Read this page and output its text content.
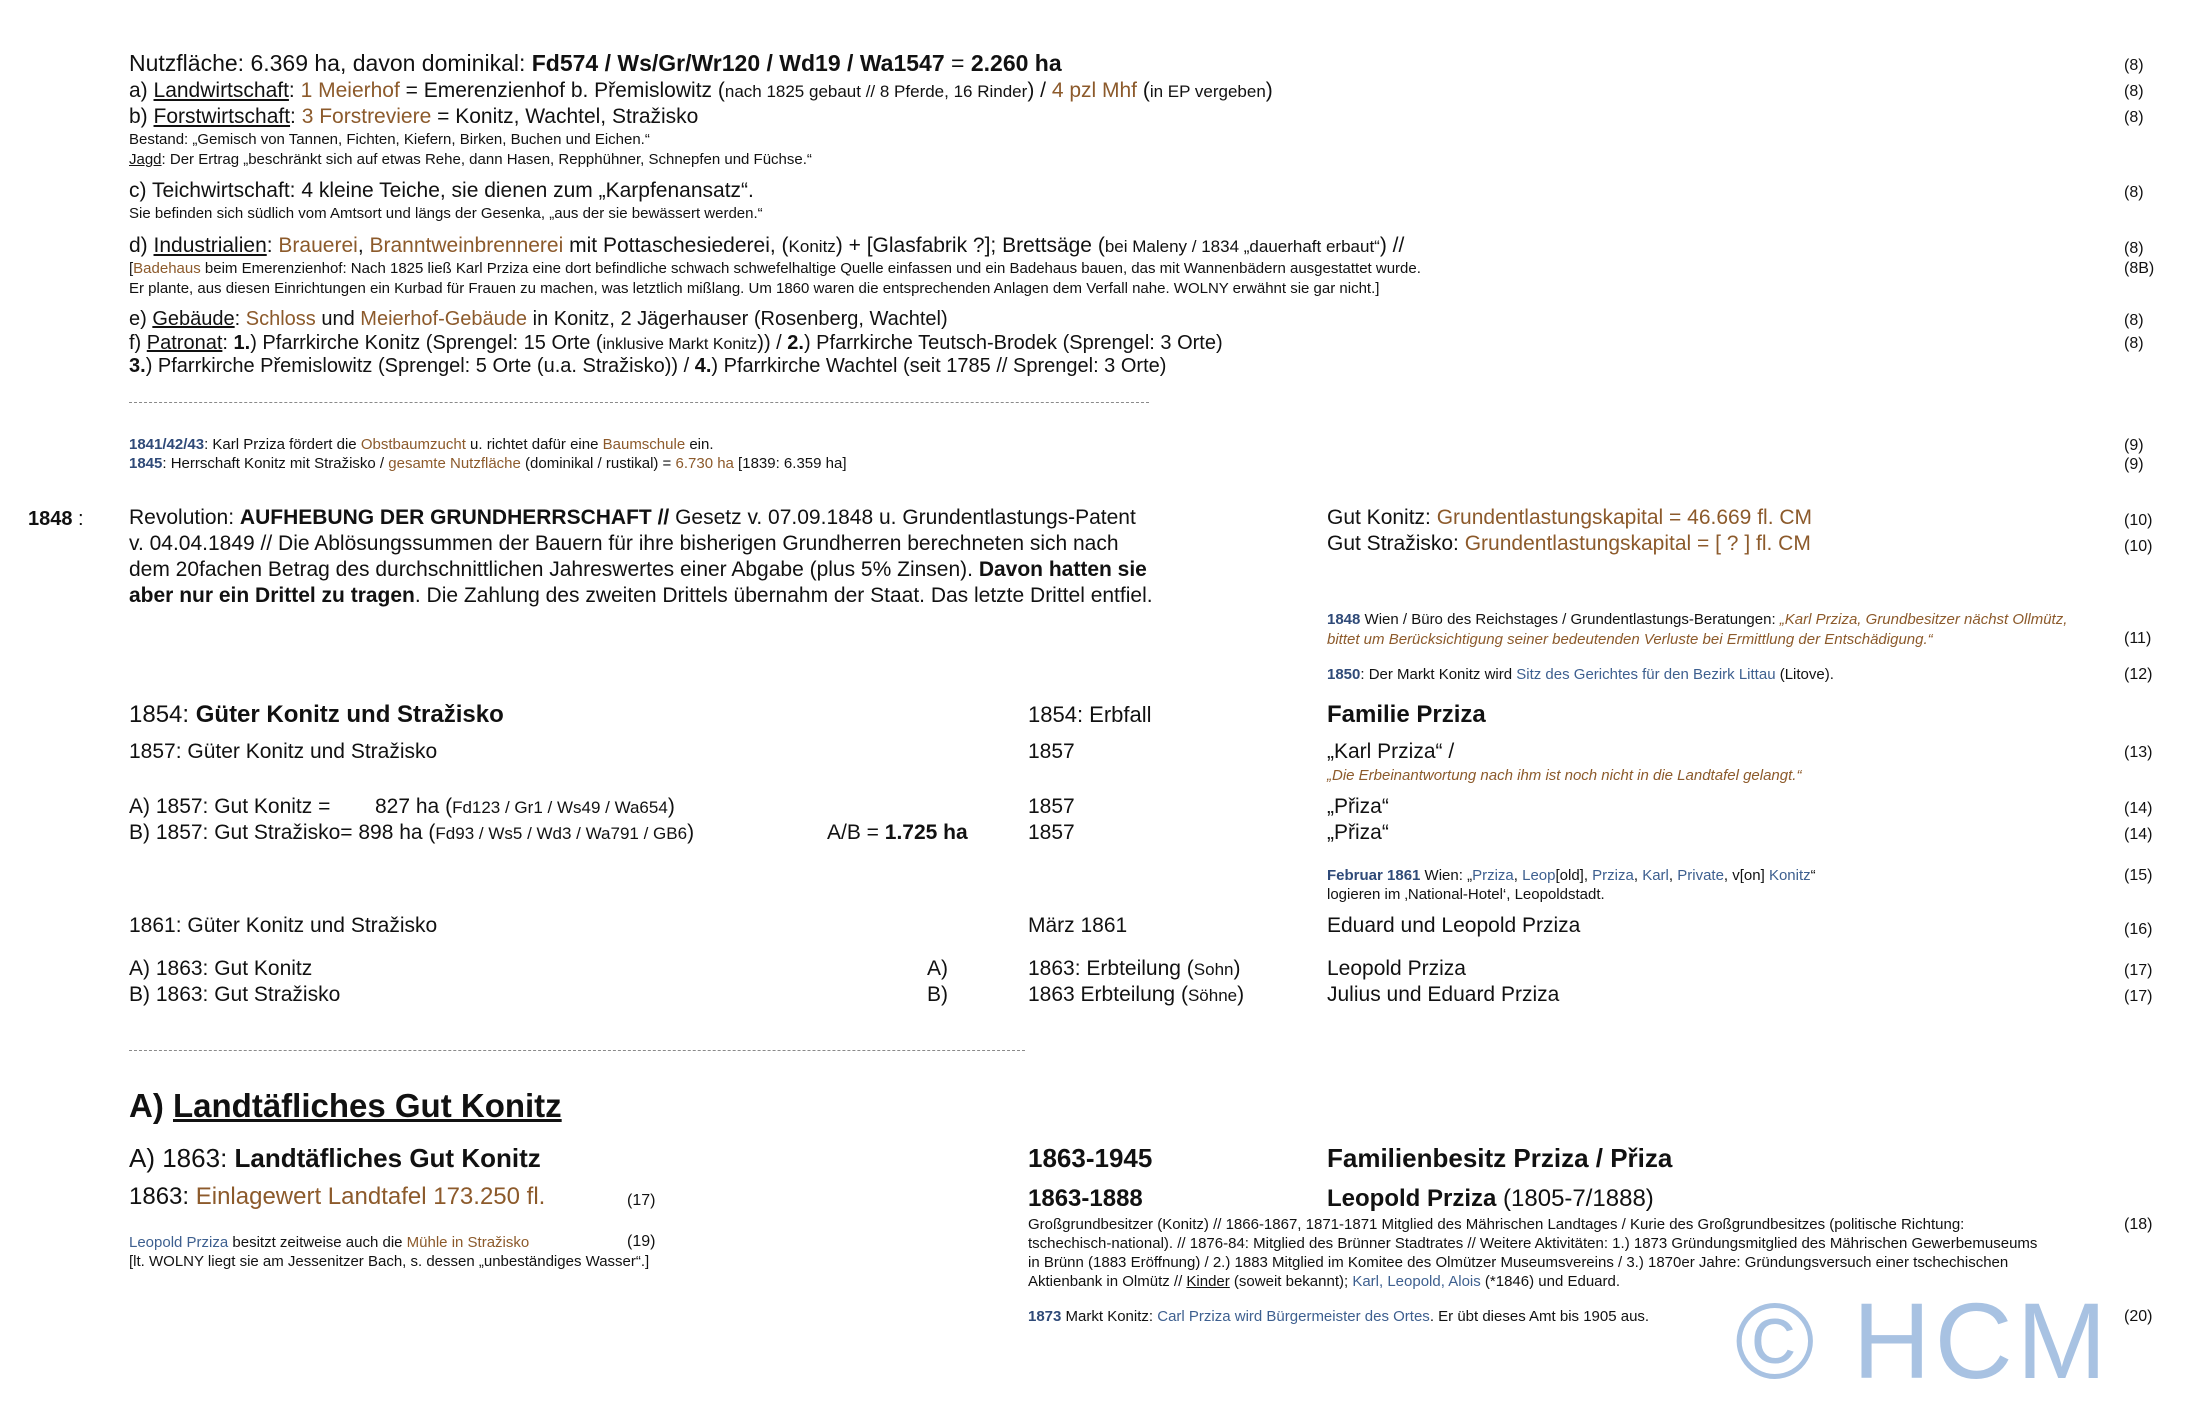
Nutzfläche: 6.369 ha, davon dominikal: Fd574 / Ws/Gr/Wr120 / Wd19 / Wa1547 = 2.260 ha	(8)
a) Landwirtschaft: 1 Meierhof = Emerenzienhof b. Přemislowitz (nach 1825 gebaut // 8 Pferde, 16 Rinder) / 4 pzl Mhf (in EP vergeben)	(8)
b) Forstwirtschaft: 3 Forstreviere = Konitz, Wachtel, Stražisko	(8)
Bestand: „Gemisch von Tannen, Fichten, Kiefern, Birken, Buchen und Eichen.“
Jagd: Der Ertrag „beschränkt sich auf etwas Rehe, dann Hasen, Repphühner, Schnepfen und Füchse.“
c) Teichwirtschaft: 4 kleine Teiche, sie dienen zum „Karpfenansatz“.	(8)
Sie befinden sich südlich vom Amtsort und längs der Gesenka, „aus der sie bewässert werden.“
d) Industrialien: Brauerei, Branntweinbrennerei mit Pottaschesiederei, (Konitz) + [Glasfabrik ?]; Brettsäge (bei Maleny / 1834 „dauerhaft erbaut“) //	(8)
[Badehaus beim Emerenzienhof: Nach 1825 ließ Karl Prziza eine dort befindliche schwach schwefelhaltige Quelle einfassen und ein Badehaus bauen, das mit Wannenbädern ausgestattet wurde.	(8B)
Er plante, aus diesen Einrichtungen ein Kurbad für Frauen zu machen, was letztlich mißlang. Um 1860 waren die entsprechenden Anlagen dem Verfall nahe. WOLNY erwähnt sie gar nicht.]
e) Gebäude: Schloss und Meierhof-Gebäude in Konitz, 2 Jägerhauser (Rosenberg, Wachtel)	(8)
f) Patronat: 1.) Pfarrkirche Konitz (Sprengel: 15 Orte (inklusive Markt Konitz)) / 2.) Pfarrkirche Teutsch-Brodek (Sprengel: 3 Orte)	(8)
3.) Pfarrkirche Přemislowitz (Sprengel: 5 Orte (u.a. Stražisko)) / 4.) Pfarrkirche Wachtel (seit 1785 // Sprengel: 3 Orte)
1841/42/43: Karl Prziza fördert die Obstbaumzucht u. richtet dafür eine Baumschule ein.	(9)
1845: Herrschaft Konitz mit Stražisko / gesamte Nutzfläche (dominikal / rustikal) = 6.730 ha [1839: 6.359 ha]	(9)
1848 : Revolution: AUFHEBUNG DER GRUNDHERRSCHAFT // Gesetz v. 07.09.1848 u. Grundentlastungs-Patent
v. 04.04.1849 // Die Ablösungssummen der Bauern für ihre bisherigen Grundherren berechneten sich nach
dem 20fachen Betrag des durchschnittlichen Jahreswertes einer Abgabe (plus 5% Zinsen). Davon hatten sie
aber nur ein Drittel zu tragen. Die Zahlung des zweiten Drittels übernahm der Staat. Das letzte Drittel entfiel.
Gut Konitz: Grundentlastungskapital = 46.669 fl. CM	(10)
Gut Stražisko: Grundentlastungskapital = [ ? ] fl. CM	(10)
1848 Wien / Büro des Reichstages / Grundentlastungs-Beratungen: „Karl Prziza, Grundbesitzer nächst Ollmütz,
bittet um Berücksichtigung seiner bedeutenden Verluste bei Ermittlung der Entschädigung.“	(11)
1850: Der Markt Konitz wird Sitz des Gerichtes für den Bezirk Littau (Litove).	(12)
1854: Güter Konitz und Stražisko	1854: Erbfall	Familie Prziza
1857: Güter Konitz und Stražisko	1857	„Karl Prziza“ /	(13)
„Die Erbeinantwortung nach ihm ist noch nicht in die Landtafel gelangt.“
A) 1857: Gut Konitz = 827 ha (Fd123 / Gr1 / Ws49 / Wa654)	1857	„Přiza“	(14)
B) 1857: Gut Stražisko= 898 ha (Fd93 / Ws5 / Wd3 / Wa791 / GB6)	A/B = 1.725 ha	1857	„Přiza“	(14)
Februar 1861 Wien: „Prziza, Leop[old], Prziza, Karl, Private, v[on] Konitz“	(15)
logieren im ‚National-Hotel‘, Leopoldstadt.
1861: Güter Konitz und Stražisko	März 1861	Eduard und Leopold Prziza	(16)
A) 1863: Gut Konitz	A)	1863: Erbteilung (Sohn)	Leopold Prziza	(17)
B) 1863: Gut Stražisko	B)	1863 Erbteilung (Söhne)	Julius und Eduard Prziza	(17)
A) Landtäfliches Gut Konitz
A) 1863: Landtäfliches Gut Konitz
1863: Einlagewert Landtafel 173.250 fl.	(17)
Leopold Prziza besitzt zeitweise auch die Mühle in Stražisko	(19)
[lt. WOLNY liegt sie am Jessenitzer Bach, s. dessen „unbeständiges Wasser“.]
1863-1945	Familienbesitz Prziza / Přiza
1863-1888	Leopold Prziza (1805-7/1888)
Großgrundbesitzer (Konitz) // 1866-1867, 1871-1871 Mitglied des Mährischen Landtages / Kurie des Großgrundbesitzes (politische Richtung:	(18)
tschechisch-national). // 1876-84: Mitglied des Brünner Stadtrates // Weitere Aktivitäten: 1.) 1873 Gründungsmitglied des Mährischen Gewerbemuseums
in Brünn (1883 Eröffnung) / 2.) 1883 Mitglied im Komitee des Olmützer Museumsvereins / 3.) 1870er Jahre: Gründungsversuch einer tschechischen
Aktienbank in Olmütz // Kinder (soweit bekannt); Karl, Leopold, Alois (*1846) und Eduard.
1873 Markt Konitz: Carl Prziza wird Bürgermeister des Ortes. Er übt dieses Amt bis 1905 aus.	(20)
© HCM
